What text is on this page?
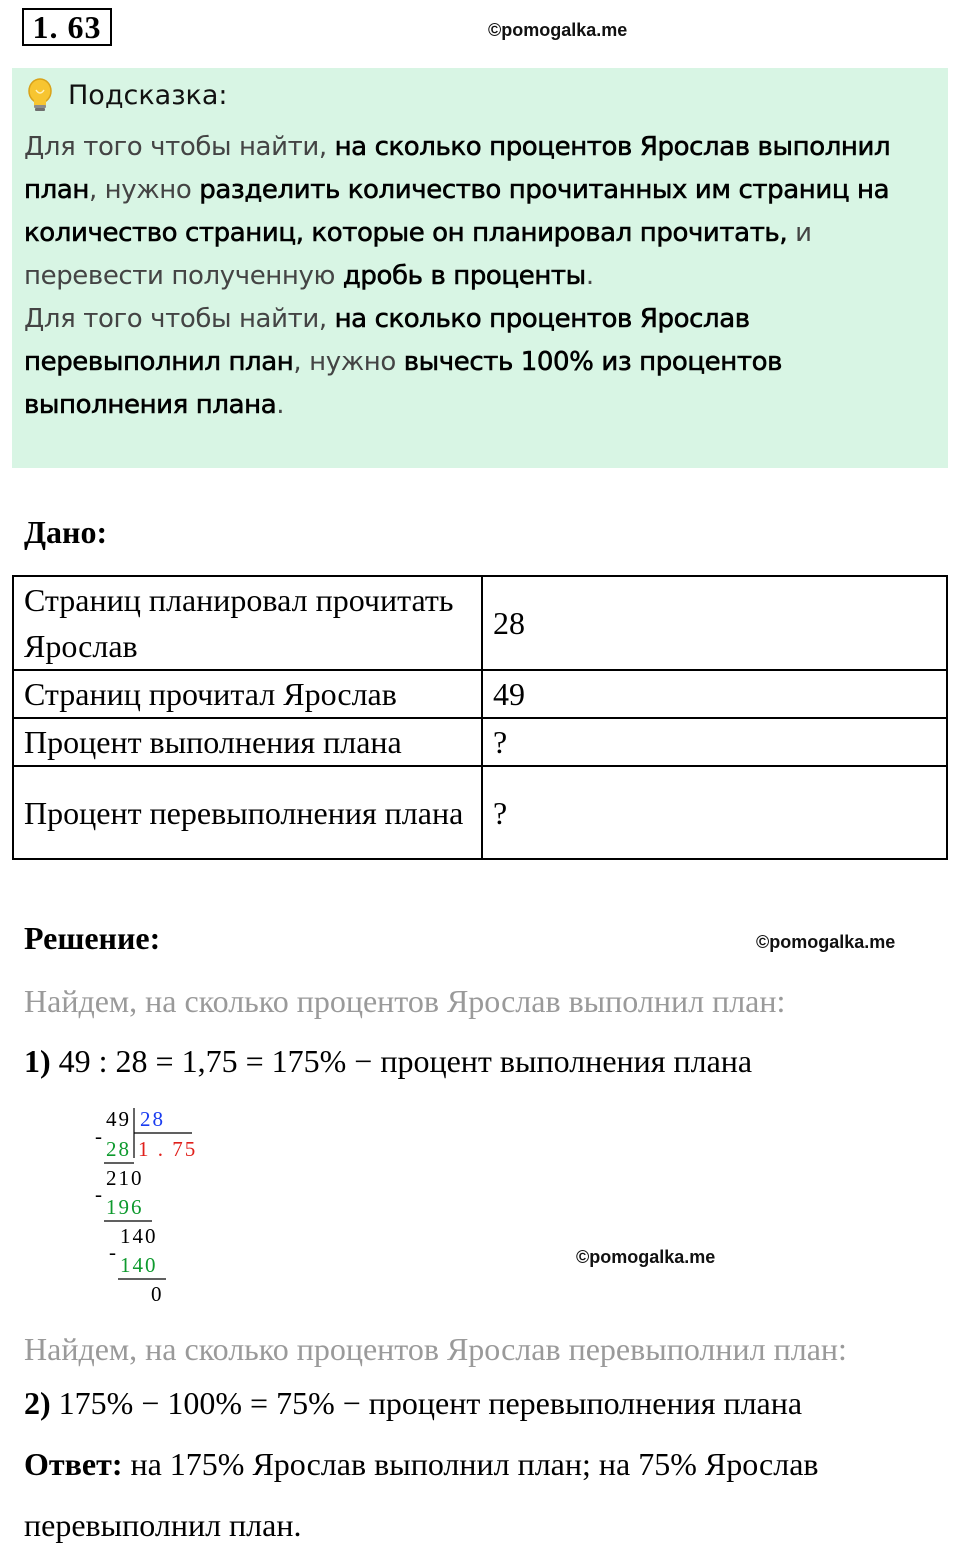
1. 63	©pomogalka.me
Подсказка:
Для того чтобы найти, на сколько процентов Ярослав выполнил план, нужно разделить количество прочитанных им страниц на количество страниц, которые он планировал прочитать, и перевести полученную дробь в проценты.
Для того чтобы найти, на сколько процентов Ярослав перевыполнил план, нужно вычесть 100% из процентов выполнения плана.
Дано:
Страниц планировал прочитать Ярослав	28
Страниц прочитал Ярослав	49
Процент выполнения плана	?
Процент перевыполнения плана	?
Решение:	©pomogalka.me
Найдем, на сколько процентов Ярослав выполнил план:
1) 49 : 28 = 1,75 = 175% − процент выполнения плана
49 28
1 . 75
-
28
210
-
196
140
-
140
0
©pomogalka.me
Найдем, на сколько процентов Ярослав перевыполнил план:
2) 175% − 100% = 75% − процент перевыполнения плана
Ответ: на 175% Ярослав выполнил план; на 75% Ярослав
перевыполнил план.
